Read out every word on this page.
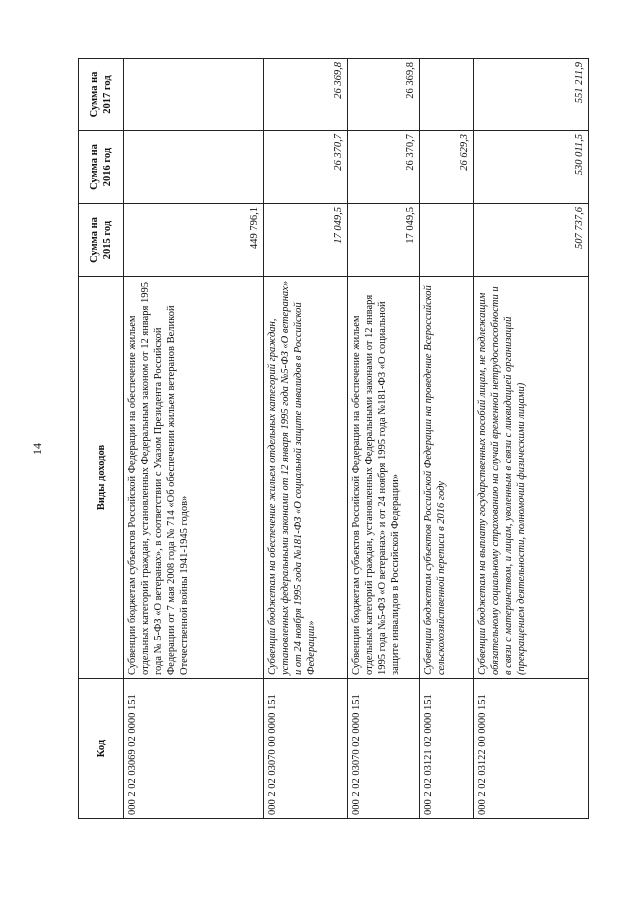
14
Код	Виды доходов	Сумма на 2015 год	Сумма на 2016 год	Сумма на 2017 год
000 2 02 03069 02 0000 151	Субвенции бюджетам субъектов Российской Федерации на обеспечение жильем отдельных категорий граждан, установленных Федеральным законом от 12 января 1995 года № 5-ФЗ «О ветеранах», в соответствии с Указом Президента Российской Федерации от 7 мая 2008 года № 714 «Об обеспечении жильем ветеранов Великой Отечественной войны 1941-1945 годов»	449 796,1		
000 2 02 03070 00 0000 151	Субвенции бюджетам на обеспечение жильем отдельных категорий граждан, установленных федеральными законами от 12 января 1995 года №5-ФЗ «О ветеранах» и от 24 ноября 1995 года №181-ФЗ «О социальной защите инвалидов в Российской Федерации»	17 049,5	26 370,7	26 369,8
000 2 02 03070 02 0000 151	Субвенции бюджетам субъектов Российской Федерации на обеспечение жильем отдельных категорий граждан, установленных Федеральными законами от 12 января 1995 года №5-ФЗ «О ветеранах» и от 24 ноября 1995 года №181-ФЗ «О социальной защите инвалидов в Российской Федерации»	17 049,5	26 370,7	26 369,8
000 2 02 03121 02 0000 151	Субвенции бюджетам субъектов Российской Федерации на проведение Всероссийской сельскохозяйственной переписи в 2016 году		26 629,3	
000 2 02 03122 00 0000 151	Субвенции бюджетам на выплату государственных пособий лицам, не подлежащим обязательному социальному страхованию на случай временной нетрудоспособности и в связи с материнством, и лицам, уволенным в связи с ликвидацией организаций (прекращением деятельности, полномочий физическими лицами)	507 737,6	530 011,5	551 211,9
